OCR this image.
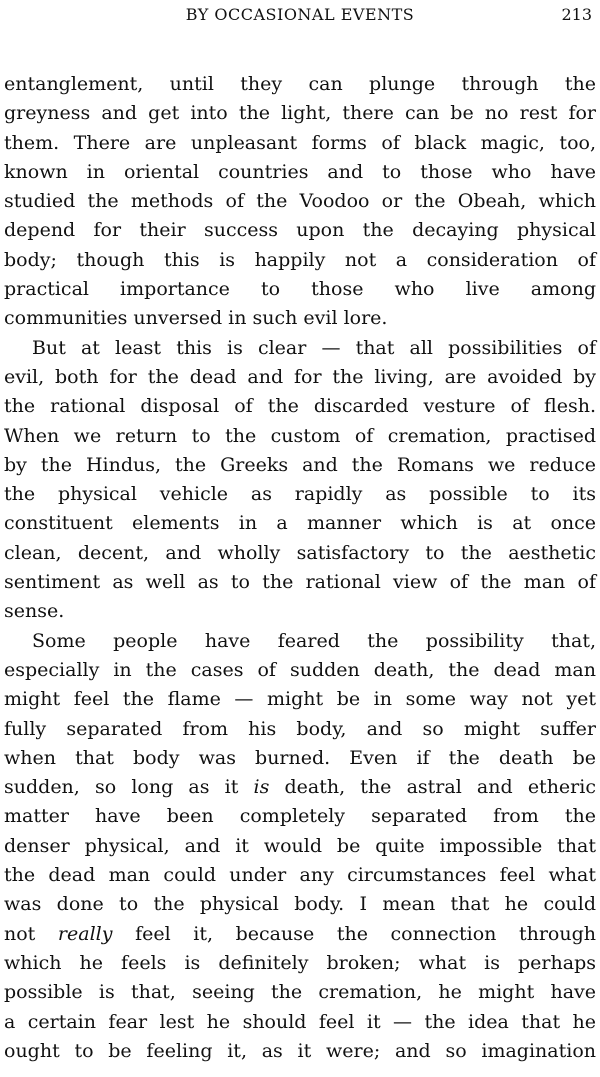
BY OCCASIONAL EVENTS	213
entanglement, until they can plunge through the
greyness and get into the light, there can be no rest for
them. There are unpleasant forms of black magic, too,
known in oriental countries and to those who have
studied the methods of the Voodoo or the Obeah, which
depend for their success upon the decaying physical
body; though this is happily not a consideration of
practical importance to those who live among
communities unversed in such evil lore.
But at least this is clear — that all possibilities of
evil, both for the dead and for the living, are avoided by
the rational disposal of the discarded vesture of flesh.
When we return to the custom of cremation, practised
by the Hindus, the Greeks and the Romans we reduce
the physical vehicle as rapidly as possible to its
constituent elements in a manner which is at once
clean, decent, and wholly satisfactory to the aesthetic
sentiment as well as to the rational view of the man of
sense.
Some people have feared the possibility that,
especially in the cases of sudden death, the dead man
might feel the flame — might be in some way not yet
fully separated from his body, and so might suffer
when that body was burned. Even if the death be
sudden, so long as it is death, the astral and etheric
matter have been completely separated from the
denser physical, and it would be quite impossible that
the dead man could under any circumstances feel what
was done to the physical body. I mean that he could
not really feel it, because the connection through
which he feels is definitely broken; what is perhaps
possible is that, seeing the cremation, he might have
a certain fear lest he should feel it — the idea that he
ought to be feeling it, as it were; and so imagination
